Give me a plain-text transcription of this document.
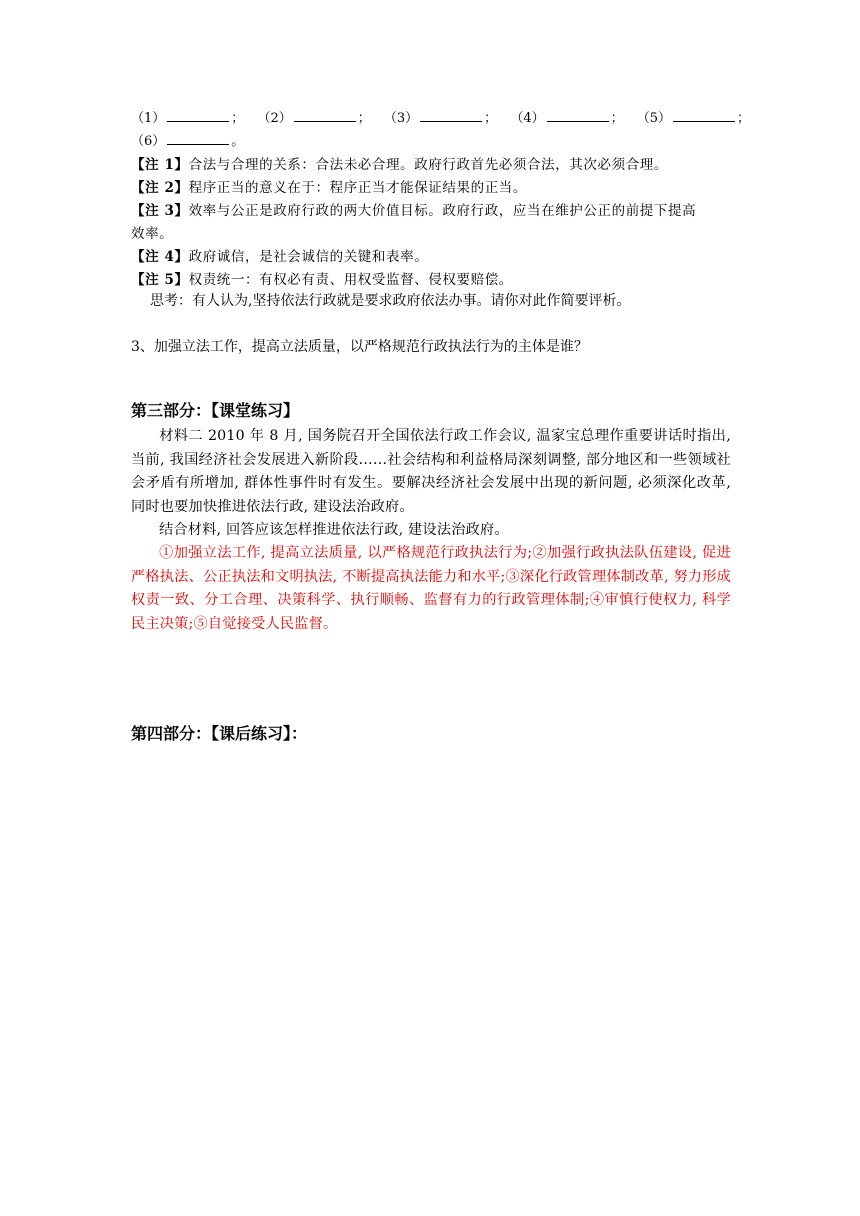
（1）	； （2）	； （3）	； （4）	； （5）	；
（6）	。
【注 1】合法与合理的关系：合法未必合理。政府行政首先必须合法，其次必须合理。
【注 2】程序正当的意义在于：程序正当才能保证结果的正当。
【注 3】效率与公正是政府行政的两大价值目标。政府行政，应当在维护公正的前提下提高
效率。
【注 4】政府诚信，是社会诚信的关键和表率。
【注 5】权责统一：有权必有责、用权受监督、侵权要赔偿。
思考：有人认为,坚持依法行政就是要求政府依法办事。请你对此作简要评析。
3、加强立法工作，提高立法质量，以严格规范行政执法行为的主体是谁？
第三部分：【课堂练习】
材料二 2010 年 8 月, 国务院召开全国依法行政工作会议, 温家宝总理作重要讲话时指出, 当前, 我国经济社会发展进入新阶段……社会结构和利益格局深刻调整, 部分地区和一些领域社会矛盾有所增加, 群体性事件时有发生。要解决经济社会发展中出现的新问题, 必须深化改革, 同时也要加快推进依法行政, 建设法治政府。
结合材料, 回答应该怎样推进依法行政, 建设法治政府。
①加强立法工作, 提高立法质量, 以严格规范行政执法行为;②加强行政执法队伍建设, 促进严格执法、公正执法和文明执法, 不断提高执法能力和水平;③深化行政管理体制改革, 努力形成权责一致、分工合理、决策科学、执行顺畅、监督有力的行政管理体制;④审慎行使权力, 科学民主决策;⑤自觉接受人民监督。
第四部分：【课后练习】：
